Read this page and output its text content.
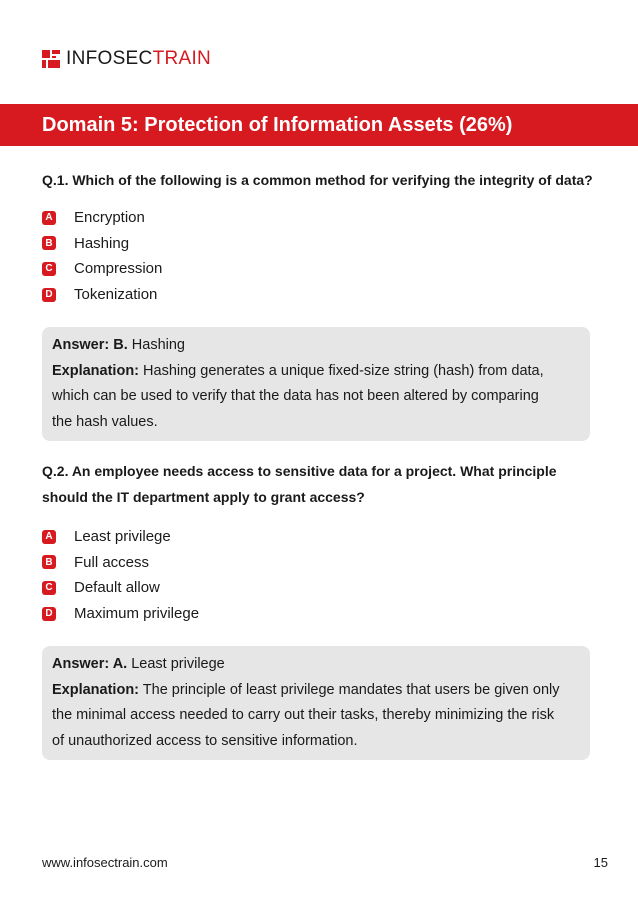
INFOSECTRAIN
Domain 5: Protection of Information Assets (26%)
Q.1. Which of the following is a common method for verifying the integrity of data?
A Encryption
B Hashing
C Compression
D Tokenization
Answer: B. Hashing
Explanation: Hashing generates a unique fixed-size string (hash) from data,
which can be used to verify that the data has not been altered by comparing
the hash values.
Q.2. An employee needs access to sensitive data for a project. What principle
should the IT department apply to grant access?
A Least privilege
B Full access
C Default allow
D Maximum privilege
Answer: A. Least privilege
Explanation: The principle of least privilege mandates that users be given only
the minimal access needed to carry out their tasks, thereby minimizing the risk
of unauthorized access to sensitive information.
www.infosectrain.com	15
